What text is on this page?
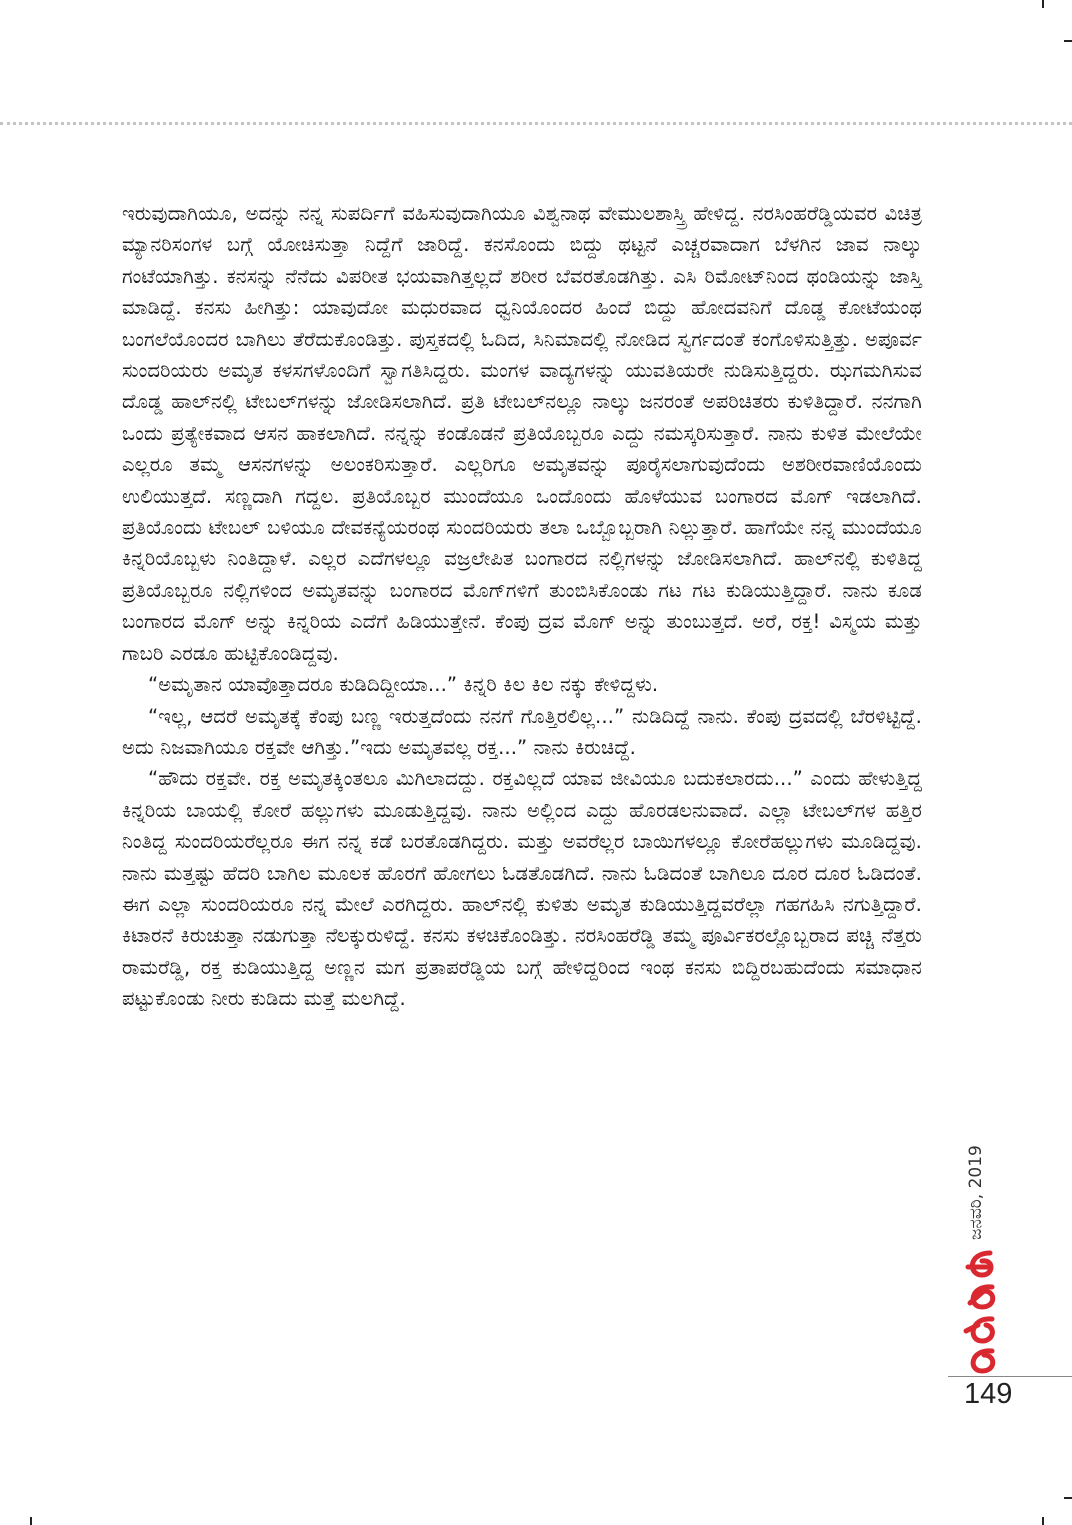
ಇರುವುದಾಗಿಯೂ, ಅದನ್ನು ನನ್ನ ಸುಪರ್ದಿಗೆ ವಹಿಸುವುದಾಗಿಯೂ ವಿಶ್ವನಾಥ ವೇಮುಲಶಾಸ್ತ್ರಿ ಹೇಳಿದ್ದ. ನರಸಿಂಹರೆಡ್ಡಿಯವರ ವಿಚಿತ್ರ ಮ್ಯಾನರಿಸಂಗಳ ಬಗ್ಗೆ ಯೋಚಿಸುತ್ತಾ ನಿದ್ದೆಗೆ ಜಾರಿದ್ದೆ. ಕನಸೊಂದು ಬಿದ್ದು ಥಟ್ಟನೆ ಎಚ್ಚರವಾದಾಗ ಬೆಳಗಿನ ಜಾವ ನಾಲ್ಕು ಗಂಟೆಯಾಗಿತ್ತು. ಕನಸನ್ನು ನೆನೆದು ವಿಪರೀತ ಭಯವಾಗಿತ್ತಲ್ಲದೆ ಶರೀರ ಬೆವರತೊಡಗಿತ್ತು. ಎಸಿ ರಿಮೋಟ್‌ನಿಂದ ಥಂಡಿಯನ್ನು ಜಾಸ್ತಿ ಮಾಡಿದ್ದೆ. ಕನಸು ಹೀಗಿತ್ತು: ಯಾವುದೋ ಮಧುರವಾದ ಧ್ವನಿಯೊಂದರ ಹಿಂದೆ ಬಿದ್ದು ಹೋದವನಿಗೆ ದೊಡ್ಡ ಕೋಟೆಯಂಥ ಬಂಗಲೆಯೊಂದರ ಬಾಗಿಲು ತೆರೆದುಕೊಂಡಿತ್ತು. ಪುಸ್ತಕದಲ್ಲಿ ಓದಿದ, ಸಿನಿಮಾದಲ್ಲಿ ನೋಡಿದ ಸ್ವರ್ಗದಂತೆ ಕಂಗೊಳಿಸುತ್ತಿತ್ತು. ಅಪೂರ್ವ ಸುಂದರಿಯರು ಅಮೃತ ಕಳಸಗಳೊಂದಿಗೆ ಸ್ವಾಗತಿಸಿದ್ದರು. ಮಂಗಳ ವಾದ್ಯಗಳನ್ನು ಯುವತಿಯರೇ ನುಡಿಸುತ್ತಿದ್ದರು. ಝಗಮಗಿಸುವ ದೊಡ್ಡ ಹಾಲ್‌ನಲ್ಲಿ ಟೇಬಲ್‌ಗಳನ್ನು ಜೋಡಿಸಲಾಗಿದೆ. ಪ್ರತಿ ಟೇಬಲ್‌ನಲ್ಲೂ ನಾಲ್ಕು ಜನರಂತೆ ಅಪರಿಚಿತರು ಕುಳಿತಿದ್ದಾರೆ. ನನಗಾಗಿ ಒಂದು ಪ್ರತ್ಯೇಕವಾದ ಆಸನ ಹಾಕಲಾಗಿದೆ. ನನ್ನನ್ನು ಕಂಡೊಡನೆ ಪ್ರತಿಯೊಬ್ಬರೂ ಎದ್ದು ನಮಸ್ಕರಿಸುತ್ತಾರೆ. ನಾನು ಕುಳಿತ ಮೇಲೆಯೇ ಎಲ್ಲರೂ ತಮ್ಮ ಆಸನಗಳನ್ನು ಅಲಂಕರಿಸುತ್ತಾರೆ. ಎಲ್ಲರಿಗೂ ಅಮೃತವನ್ನು ಪೂರೈಸಲಾಗುವುದೆಂದು ಅಶರೀರವಾಣಿಯೊಂದು ಉಲಿಯುತ್ತದೆ. ಸಣ್ಣದಾಗಿ ಗದ್ದಲ. ಪ್ರತಿಯೊಬ್ಬರ ಮುಂದೆಯೂ ಒಂದೊಂದು ಹೊಳೆಯುವ ಬಂಗಾರದ ಮೊಗ್ ಇಡಲಾಗಿದೆ. ಪ್ರತಿಯೊಂದು ಟೇಬಲ್ ಬಳಿಯೂ ದೇವಕನ್ಯೆಯರಂಥ ಸುಂದರಿಯರು ತಲಾ ಒಬ್ಬೊಬ್ಬರಾಗಿ ನಿಲ್ಲುತ್ತಾರೆ. ಹಾಗೆಯೇ ನನ್ನ ಮುಂದೆಯೂ ಕಿನ್ನರಿಯೊಬ್ಬಳು ನಿಂತಿದ್ದಾಳೆ. ಎಲ್ಲರ ಎದೆಗಳಲ್ಲೂ ವಜ್ರಲೇಪಿತ ಬಂಗಾರದ ನಲ್ಲಿಗಳನ್ನು ಜೋಡಿಸಲಾಗಿದೆ. ಹಾಲ್‌ನಲ್ಲಿ ಕುಳಿತಿದ್ದ ಪ್ರತಿಯೊಬ್ಬರೂ ನಲ್ಲಿಗಳಿಂದ ಅಮೃತವನ್ನು ಬಂಗಾರದ ಮೊಗ್‌ಗಳಿಗೆ ತುಂಬಿಸಿಕೊಂಡು ಗಟ ಗಟ ಕುಡಿಯುತ್ತಿದ್ದಾರೆ. ನಾನು ಕೂಡ ಬಂಗಾರದ ಮೊಗ್ ಅನ್ನು ಕಿನ್ನರಿಯ ಎದೆಗೆ ಹಿಡಿಯುತ್ತೇನೆ. ಕೆಂಪು ದ್ರವ ಮೊಗ್ ಅನ್ನು ತುಂಬುತ್ತದೆ. ಅರೆ, ರಕ್ತ! ವಿಸ್ಮಯ ಮತ್ತು ಗಾಬರಿ ಎರಡೂ ಹುಟ್ಟಿಕೊಂಡಿದ್ದವು.

“ಅಮೃತಾನ ಯಾವೊತ್ತಾದರೂ ಕುಡಿದಿದ್ದೀಯಾ...” ಕಿನ್ನರಿ ಕಿಲ ಕಿಲ ನಕ್ಕು ಕೇಳಿದ್ದಳು.

“ಇಲ್ಲ, ಆದರೆ ಅಮೃತಕ್ಕೆ ಕೆಂಪು ಬಣ್ಣ ಇರುತ್ತದೆಂದು ನನಗೆ ಗೊತ್ತಿರಲಿಲ್ಲ...” ನುಡಿದಿದ್ದೆ ನಾನು. ಕೆಂಪು ದ್ರವದಲ್ಲಿ ಬೆರಳಿಟ್ಟಿದ್ದೆ. ಅದು ನಿಜವಾಗಿಯೂ ರಕ್ತವೇ ಆಗಿತ್ತು.”ಇದು ಅಮೃತವಲ್ಲ ರಕ್ತ...” ನಾನು ಕಿರುಚಿದ್ದೆ.

“ಹೌದು ರಕ್ತವೇ. ರಕ್ತ ಅಮೃತಕ್ಕಿಂತಲೂ ಮಿಗಿಲಾದದ್ದು. ರಕ್ತವಿಲ್ಲದೆ ಯಾವ ಜೀವಿಯೂ ಬದುಕಲಾರದು...” ಎಂದು ಹೇಳುತ್ತಿದ್ದ ಕಿನ್ನರಿಯ ಬಾಯಲ್ಲಿ ಕೋರೆ ಹಲ್ಲುಗಳು ಮೂಡುತ್ತಿದ್ದವು. ನಾನು ಅಲ್ಲಿಂದ ಎದ್ದು ಹೊರಡಲನುವಾದೆ. ಎಲ್ಲಾ ಟೇಬಲ್‌ಗಳ ಹತ್ತಿರ ನಿಂತಿದ್ದ ಸುಂದರಿಯರೆಲ್ಲರೂ ಈಗ ನನ್ನ ಕಡೆ ಬರತೊಡಗಿದ್ದರು. ಮತ್ತು ಅವರೆಲ್ಲರ ಬಾಯಿಗಳಲ್ಲೂ ಕೋರೆಹಲ್ಲುಗಳು ಮೂಡಿದ್ದವು. ನಾನು ಮತ್ತಷ್ಟು ಹೆದರಿ ಬಾಗಿಲ ಮೂಲಕ ಹೊರಗೆ ಹೋಗಲು ಓಡತೊಡಗಿದೆ. ನಾನು ಓಡಿದಂತೆ ಬಾಗಿಲೂ ದೂರ ದೂರ ಓಡಿದಂತೆ. ಈಗ ಎಲ್ಲಾ ಸುಂದರಿಯರೂ ನನ್ನ ಮೇಲೆ ಎರಗಿದ್ದರು. ಹಾಲ್‌ನಲ್ಲಿ ಕುಳಿತು ಅಮೃತ ಕುಡಿಯುತ್ತಿದ್ದವರೆಲ್ಲಾ ಗಹಗಹಿಸಿ ನಗುತ್ತಿದ್ದಾರೆ. ಕಿಟಾರನೆ ಕಿರುಚುತ್ತಾ ನಡುಗುತ್ತಾ ನೆಲಕ್ಕುರುಳಿದ್ದೆ. ಕನಸು ಕಳಚಿಕೊಂಡಿತ್ತು. ನರಸಿಂಹರೆಡ್ಡಿ ತಮ್ಮ ಪೂರ್ವಿಕರಲ್ಲೊಬ್ಬರಾದ ಪಚ್ಚಿ ನೆತ್ತರು ರಾಮರೆಡ್ಡಿ, ರಕ್ತ ಕುಡಿಯುತ್ತಿದ್ದ ಅಣ್ಣನ ಮಗ ಪ್ರತಾಪರೆಡ್ಡಿಯ ಬಗ್ಗೆ ಹೇಳಿದ್ದರಿಂದ ಇಂಥ ಕನಸು ಬಿದ್ದಿರಬಹುದೆಂದು ಸಮಾಧಾನ ಪಟ್ಟುಕೊಂಡು ನೀರು ಕುಡಿದು ಮತ್ತೆ ಮಲಗಿದ್ದೆ.

ಜನವರಿ, 2019
149
